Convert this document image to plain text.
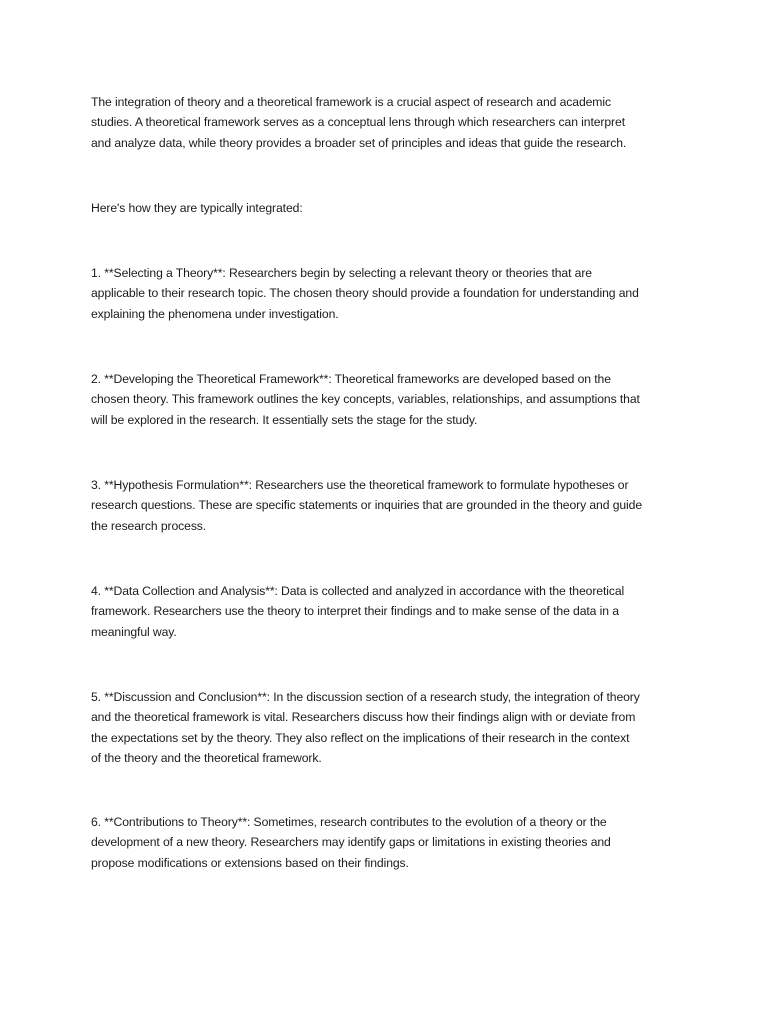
The integration of theory and a theoretical framework is a crucial aspect of research and academic
studies. A theoretical framework serves as a conceptual lens through which researchers can interpret
and analyze data, while theory provides a broader set of principles and ideas that guide the research.

Here's how they are typically integrated:

1. **Selecting a Theory**: Researchers begin by selecting a relevant theory or theories that are
applicable to their research topic. The chosen theory should provide a foundation for understanding and
explaining the phenomena under investigation.

2. **Developing the Theoretical Framework**: Theoretical frameworks are developed based on the
chosen theory. This framework outlines the key concepts, variables, relationships, and assumptions that
will be explored in the research. It essentially sets the stage for the study.

3. **Hypothesis Formulation**: Researchers use the theoretical framework to formulate hypotheses or
research questions. These are specific statements or inquiries that are grounded in the theory and guide
the research process.

4. **Data Collection and Analysis**: Data is collected and analyzed in accordance with the theoretical
framework. Researchers use the theory to interpret their findings and to make sense of the data in a
meaningful way.

5. **Discussion and Conclusion**: In the discussion section of a research study, the integration of theory
and the theoretical framework is vital. Researchers discuss how their findings align with or deviate from
the expectations set by the theory. They also reflect on the implications of their research in the context
of the theory and the theoretical framework.

6. **Contributions to Theory**: Sometimes, research contributes to the evolution of a theory or the
development of a new theory. Researchers may identify gaps or limitations in existing theories and
propose modifications or extensions based on their findings.
